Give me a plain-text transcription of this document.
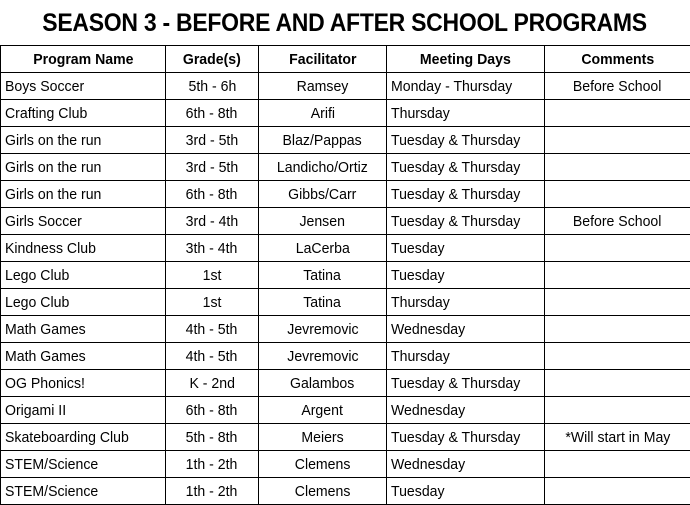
SEASON 3 - BEFORE AND AFTER SCHOOL PROGRAMS
Program Name	Grade(s)	Facilitator	Meeting Days	Comments
Boys Soccer	5th - 6h	Ramsey	Monday - Thursday	Before School
Crafting Club	6th - 8th	Arifi	Thursday	
Girls on the run	3rd - 5th	Blaz/Pappas	Tuesday & Thursday	
Girls on the run	3rd - 5th	Landicho/Ortiz	Tuesday & Thursday	
Girls on the run	6th - 8th	Gibbs/Carr	Tuesday & Thursday	
Girls Soccer	3rd - 4th	Jensen	Tuesday & Thursday	Before School
Kindness Club	3th - 4th	LaCerba	Tuesday	
Lego Club	1st	Tatina	Tuesday	
Lego Club	1st	Tatina	Thursday	
Math Games	4th - 5th	Jevremovic	Wednesday	
Math Games	4th - 5th	Jevremovic	Thursday	
OG Phonics!	K - 2nd	Galambos	Tuesday & Thursday	
Origami II	6th - 8th	Argent	Wednesday	
Skateboarding Club	5th - 8th	Meiers	Tuesday & Thursday	*Will start in May
STEM/Science	1th - 2th	Clemens	Wednesday	
STEM/Science	1th - 2th	Clemens	Tuesday	
